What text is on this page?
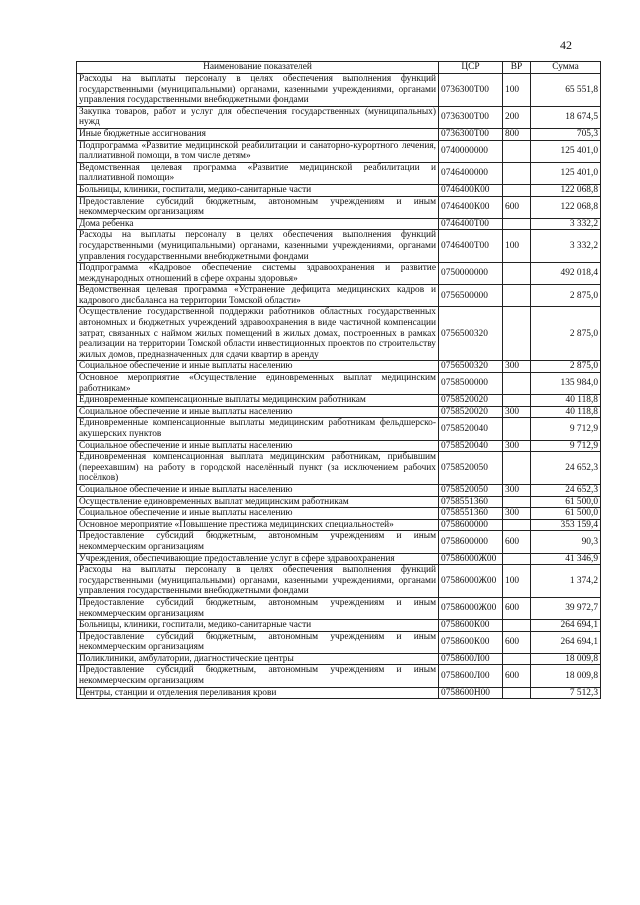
42
Наименование показателей	ЦСР	ВР	Сумма
Расходы на выплаты персоналу в целях обеспечения выполнения функций государственными (муниципальными) органами, казенными учреждениями, органами управления государственными внебюджетными фондами	0736300Т00	100	65 551,8
Закупка товаров, работ и услуг для обеспечения государственных (муниципальных) нужд	0736300Т00	200	18 674,5
Иные бюджетные ассигнования	0736300Т00	800	705,3
Подпрограмма «Развитие медицинской реабилитации и санаторно-курортного лечения, паллиативной помощи, в том числе детям»	0740000000		125 401,0
Ведомственная целевая программа «Развитие медицинской реабилитации и паллиативной помощи»	0746400000		125 401,0
Больницы, клиники, госпитали, медико-санитарные части	0746400К00		122 068,8
Предоставление субсидий бюджетным, автономным учреждениям и иным некоммерческим организациям	0746400К00	600	122 068,8
Дома ребенка	0746400Т00		3 332,2
Расходы на выплаты персоналу в целях обеспечения выполнения функций государственными (муниципальными) органами, казенными учреждениями, органами управления государственными внебюджетными фондами	0746400Т00	100	3 332,2
Подпрограмма «Кадровое обеспечение системы здравоохранения и развитие международных отношений в сфере охраны здоровья»	0750000000		492 018,4
Ведомственная целевая программа «Устранение дефицита медицинских кадров и кадрового дисбаланса на территории Томской области»	0756500000		2 875,0
Осуществление государственной поддержки работников областных государственных автономных и бюджетных учреждений здравоохранения в виде частичной компенсации затрат, связанных с наймом жилых помещений в жилых домах, построенных в рамках реализации на территории Томской области инвестиционных проектов по строительству жилых домов, предназначенных для сдачи квартир в аренду	0756500320		2 875,0
Социальное обеспечение и иные выплаты населению	0756500320	300	2 875,0
Основное мероприятие «Осуществление единовременных выплат медицинским работникам»	0758500000		135 984,0
Единовременные компенсационные выплаты медицинским работникам	0758520020		40 118,8
Социальное обеспечение и иные выплаты населению	0758520020	300	40 118,8
Единовременные компенсационные выплаты медицинским работникам фельдшерско-акушерских пунктов	0758520040		9 712,9
Социальное обеспечение и иные выплаты населению	0758520040	300	9 712,9
Единовременная компенсационная выплата медицинским работникам, прибывшим (переехавшим) на работу в городской населённый пункт (за исключением рабочих посёлков)	0758520050		24 652,3
Социальное обеспечение и иные выплаты населению	0758520050	300	24 652,3
Осуществление единовременных выплат медицинским работникам	0758551360		61 500,0
Социальное обеспечение и иные выплаты населению	0758551360	300	61 500,0
Основное мероприятие «Повышение престижа медицинских специальностей»	0758600000		353 159,4
Предоставление субсидий бюджетным, автономным учреждениям и иным некоммерческим организациям	0758600000	600	90,3
Учреждения, обеспечивающие предоставление услуг в сфере здравоохранения	07586000Ж00		41 346,9
Расходы на выплаты персоналу в целях обеспечения выполнения функций государственными (муниципальными) органами, казенными учреждениями, органами управления государственными внебюджетными фондами	07586000Ж00	100	1 374,2
Предоставление субсидий бюджетным, автономным учреждениям и иным некоммерческим организациям	07586000Ж00	600	39 972,7
Больницы, клиники, госпитали, медико-санитарные части	0758600К00		264 694,1
Предоставление субсидий бюджетным, автономным учреждениям и иным некоммерческим организациям	0758600К00	600	264 694,1
Поликлиники, амбулатории, диагностические центры	0758600Л00		18 009,8
Предоставление субсидий бюджетным, автономным учреждениям и иным некоммерческим организациям	0758600Л00	600	18 009,8
Центры, станции и отделения переливания крови	0758600Н00		7 512,3
